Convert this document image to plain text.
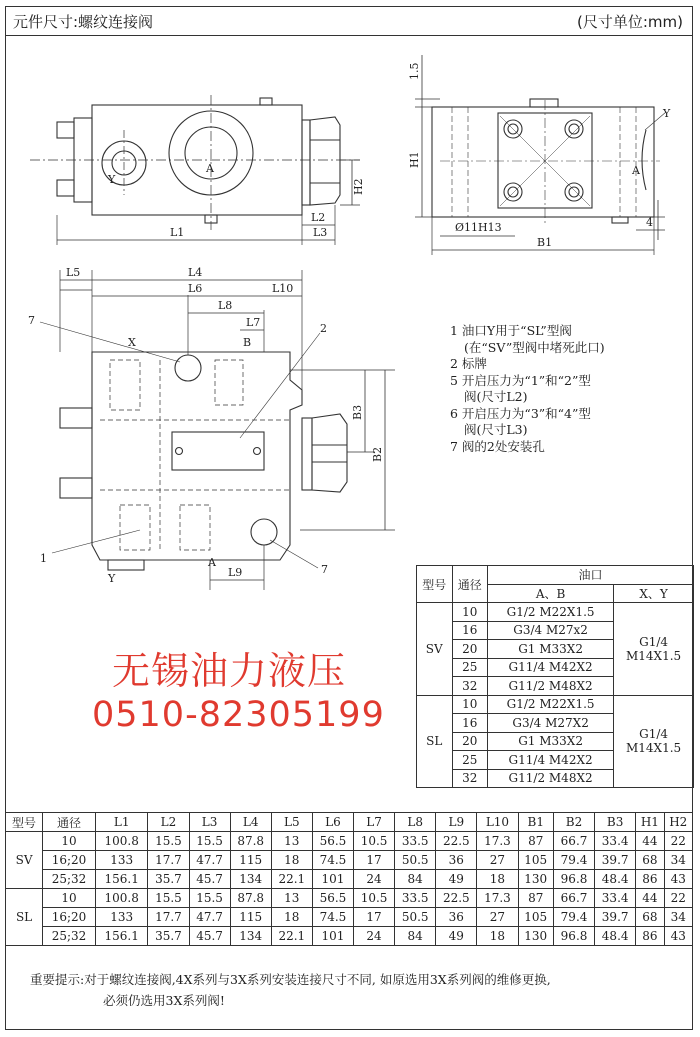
元件尺寸:螺纹连接阀	(尺寸单位:mm)
Y
A
L1
L2
L3
H2
1.5
H1
Y
A
Ø11H13
B1
4
L5	L4
L6
L8
L10
L7
L9
B2
B3
X	B
A
Y
7
2
1
7
1 油口Y用于“SL”型阀
(在“SV”型阀中堵死此口)
2 标牌
5 开启压力为“1”和“2”型
阀(尺寸L2)
6 开启压力为“3”和“4”型
阀(尺寸L3)
7 阀的2处安装孔
无锡油力液压
0510-82305199
型号	通径	油口	
		A、B	X、Y
SV	10	G1/2 M22X1.5	G1/4
M14X1.5

	16	G3/4 M27x2	
	20	G1 M33X2	
	25	G11/4 M42X2	
	32	G11/2 M48X2	
SL	10	G1/2 M22X1.5	G1/4
M14X1.5

	16	G3/4 M27X2	
	20	G1 M33X2	
	25	G11/4 M42X2	
	32	G11/2 M48X2	
型号	通径	L1	L2	L3	L4	L5	L6	L7	L8	L9	L10	B1	B2	B3	H1	H2
SV	10	100.8	15.5	15.5	87.8	13	56.5	10.5	33.5	22.5	17.3	87	66.7	33.4	44	22
	16;20	133	17.7	47.7	115	18	74.5	17	50.5	36	27	105	79.4	39.7	68	34
	25;32	156.1	35.7	45.7	134	22.1	101	24	84	49	18	130	96.8	48.4	86	43
SL	10	100.8	15.5	15.5	87.8	13	56.5	10.5	33.5	22.5	17.3	87	66.7	33.4	44	22
	16;20	133	17.7	47.7	115	18	74.5	17	50.5	36	27	105	79.4	39.7	68	34
	25;32	156.1	35.7	45.7	134	22.1	101	24	84	49	18	130	96.8	48.4	86	43
重要提示:对于螺纹连接阀,4X系列与3X系列安装连接尺寸不同, 如原选用3X系列阀的维修更换,
必须仍选用3X系列阀!
